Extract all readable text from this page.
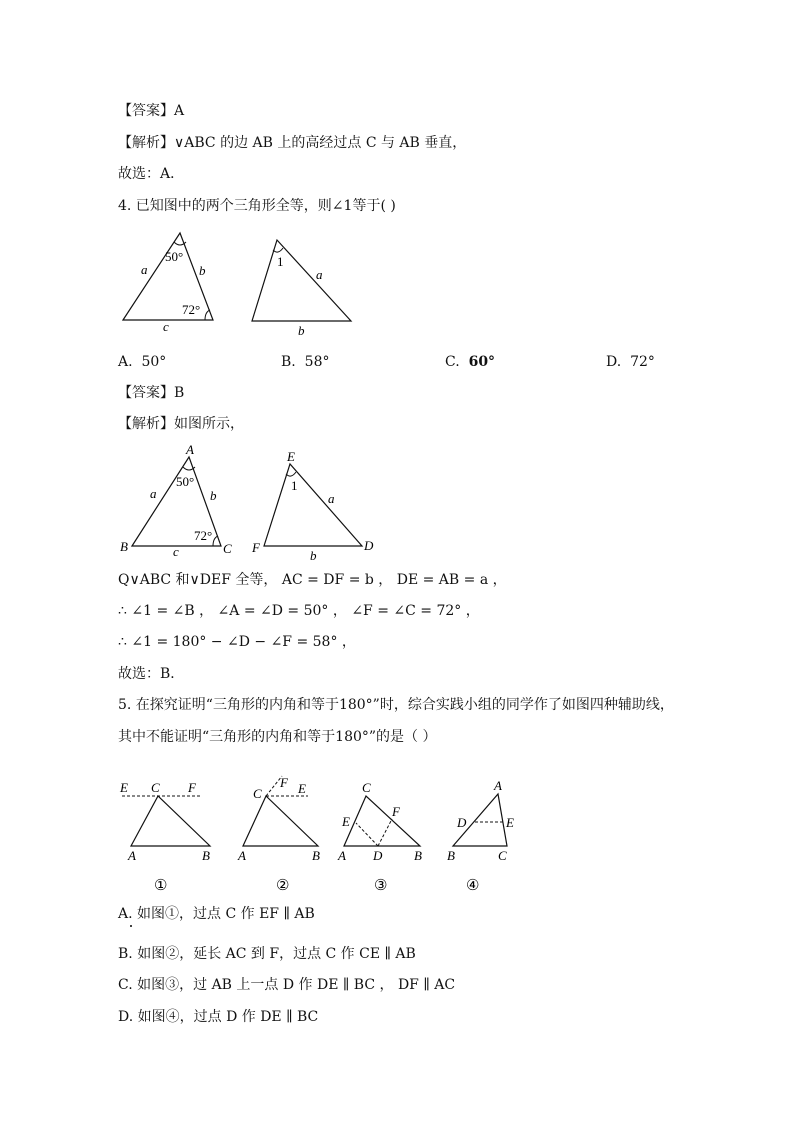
【答案】A
【解析】∨ABC 的边 AB 上的高经过点 C 与 AB 垂直，
故选：A．
4. 已知图中的两个三角形全等，则∠1等于( )
50°
72°
a	b
c
1
a
b
A. 50°	B. 58°	C. 60°	D. 72°
【答案】B
【解析】如图所示，
A
B	C
50°
72°
a	b
c
E
F	D
1
a
b
Q∨ABC 和∨DEF 全等， AC = DF = b ， DE = AB = a ，
∴ ∠1 = ∠B ， ∠A = ∠D = 50° ， ∠F = ∠C = 72° ，
∴ ∠1 = 180° − ∠D − ∠F = 58° ，
故选：B．
5. 在探究证明“三角形的内角和等于180°”时，综合实践小组的同学作了如图四种辅助线，
其中不能证明“三角形的内角和等于180°”的是（ ）
E C F
A	B
①
F
C	E
A	B
②
C
E
F
A D B
③
A
D	E
B	C
④
A. 如图①，过点 C 作 EF ∥ AB
B. 如图②，延长 AC 到 F，过点 C 作 CE ∥ AB
C. 如图③，过 AB 上一点 D 作 DE ∥ BC ， DF ∥ AC
D. 如图④，过点 D 作 DE ∥ BC
